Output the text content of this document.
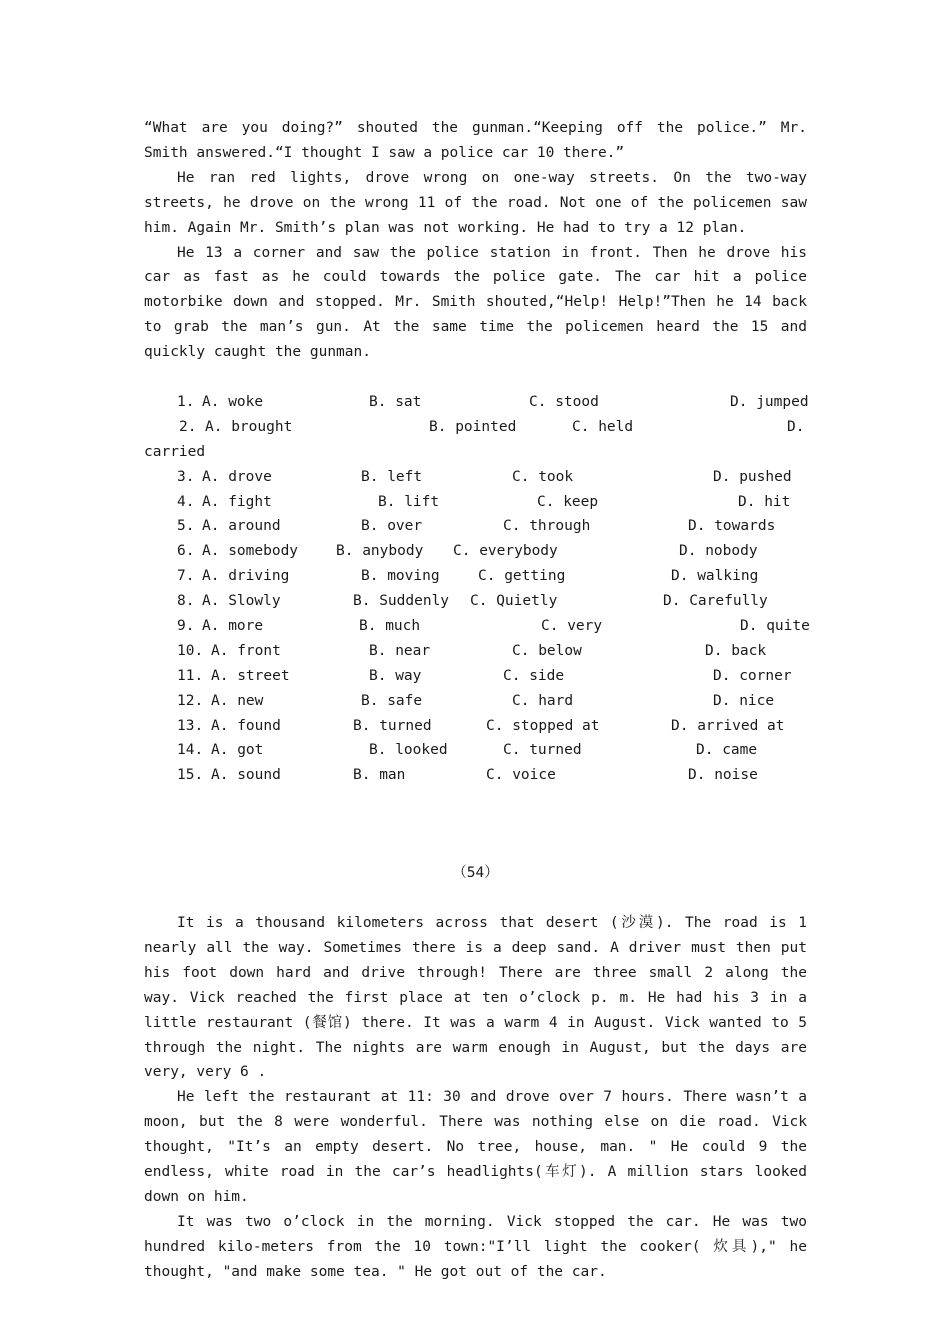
“What are you doing?” shouted the gunman.“Keeping off the police.” Mr. Smith answered.“I thought I saw a police car 10 there.”

He ran red lights, drove wrong on one-way streets. On the two-way streets, he drove on the wrong 11 of the road. Not one of the policemen saw him. Again Mr. Smith’s plan was not working. He had to try a 12 plan.

He 13 a corner and saw the police station in front. Then he drove his car as fast as he could towards the police gate. The car hit a police motorbike down and stopped. Mr. Smith shouted,“Help! Help!”Then he 14 back to grab the man’s gun. At the same time the policemen heard the 15 and quickly caught the gunman.

1. A. woke	B. sat	C. stood	D. jumped
2. A. brought	B. pointed	C. held	D.
carried
3. A. drove	B. left	C. took	D. pushed
4. A. fight	B. lift	C. keep	D. hit
5. A. around	B. over	C. through	D. towards
6. A. somebody	B. anybody C. everybody	D. nobody
7. A. driving	B. moving	C. getting	D. walking
8. A. Slowly	B. Suddenly C. Quietly	D. Carefully
9. A. more	B. much	C. very	D. quite
10. A. front	B. near	C. below	D. back
11. A. street	B. way	C. side	D. corner
12. A. new	B. safe	C. hard	D. nice
13. A. found	B. turned	C. stopped at	D. arrived at
14. A. got	B. looked	C. turned	D. came
15. A. sound	B. man	C. voice	D. noise

（54）

It is a thousand kilometers across that desert (沙漠). The road is 1 nearly all the way. Sometimes there is a deep sand. A driver must then put his foot down hard and drive through! There are three small 2 along the way. Vick reached the first place at ten o’clock p. m. He had his 3 in a little restaurant (餐馆) there. It was a warm 4 in August. Vick wanted to 5 through the night. The nights are warm enough in August, but the days are very, very 6 .

He left the restaurant at 11: 30 and drove over 7 hours. There wasn’t a moon, but the 8 were wonderful. There was nothing else on die road. Vick thought, "It’s an empty desert. No tree, house, man. " He could 9 the endless, white road in the car’s headlights(车灯). A million stars looked down on him.

It was two o’clock in the morning. Vick stopped the car. He was two hundred kilo-meters from the 10 town:"I’ll light the cooker( 炊具)," he thought, "and make some tea. " He got out of the car.
